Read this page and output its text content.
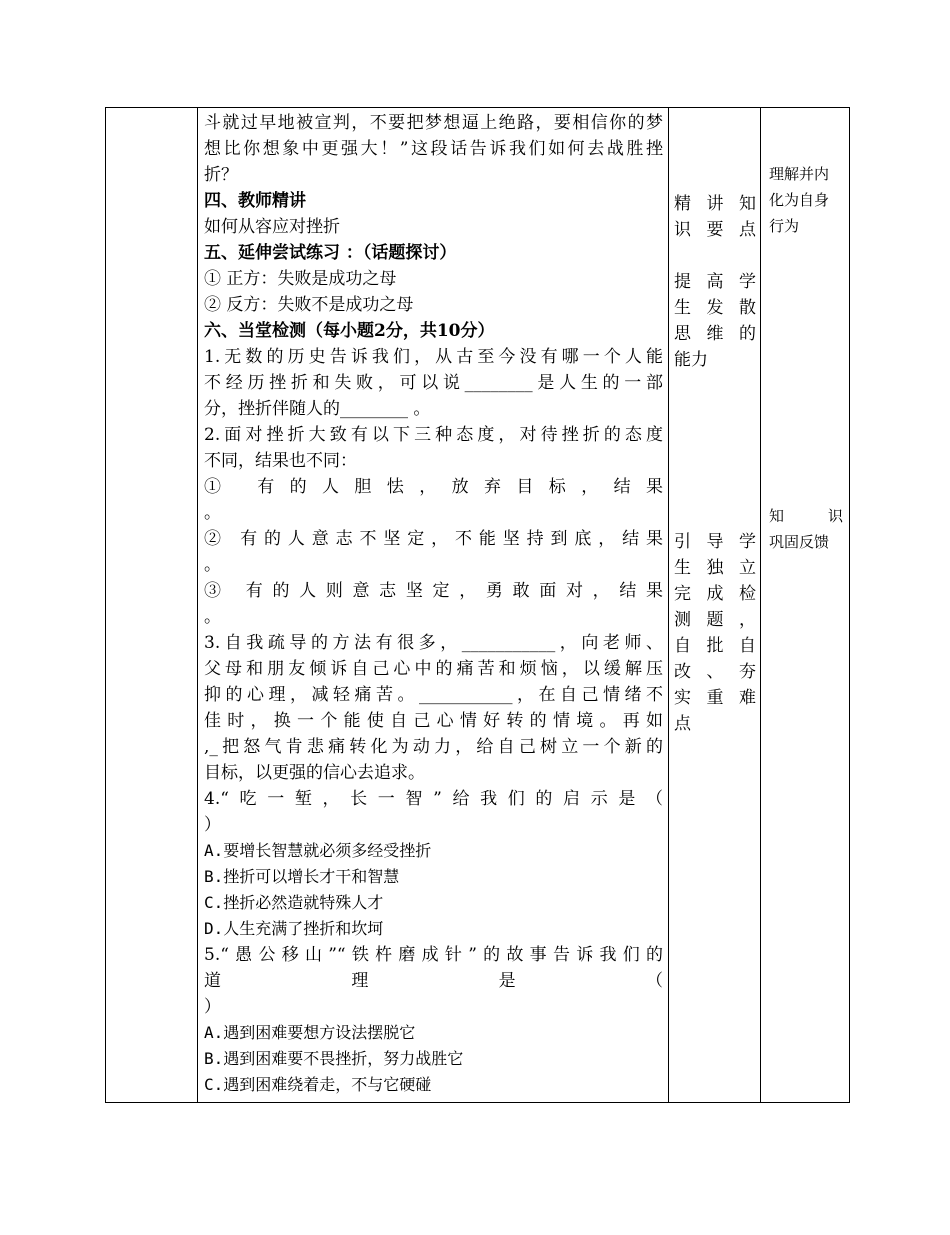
斗就过早地被宣判，不要把梦想逼上绝路，要相信你的梦
想比你想象中更强大！”这段话告诉我们如何去战胜挫
折？
四、教师精讲
如何从容应对挫折
五、延伸尝试练习 ：（话题探讨）
① 正方：失败是成功之母
② 反方：失败不是成功之母
六、当堂检测（每小题2分，共10分）
1.无数的历史告诉我们，从古至今没有哪一个人能
不经历挫折和失败，可以说________是人生的一部
分，挫折伴随人的________ 。
2.面对挫折大致有以下三种态度，对待挫折的态度
不同，结果也不同：
① 有的人胆怯，放弃目标，结果
。
② 有的人意志不坚定，不能坚持到底，结果
。
③ 有的人则意志坚定，勇敢面对，结果
。
3.自我疏导的方法有很多，___________，向老师、
父母和朋友倾诉自己心中的痛苦和烦恼，以缓解压
抑的心理，减轻痛苦。___________，在自己情绪不
佳时，换一个能使自己心情好转的情境。再如
,_把怒气肯悲痛转化为动力，给自己树立一个新的
目标，以更强的信心去追求。
4.“吃一堑，长一智”给我们的启示是（
）
A.要增长智慧就必须多经受挫折
B.挫折可以增长才干和智慧
C.挫折必然造就特殊人才
D.人生充满了挫折和坎坷
5.“愚公移山”“铁杵磨成针”的故事告诉我们的
道理是（
）
A.遇到困难要想方设法摆脱它
B.遇到困难要不畏挫折，努力战胜它
C.遇到困难绕着走，不与它硬碰
精讲知
识要点
提高学
生发散
思维的
能力
引导学
生独立
完成检
测题，
自批自
改、夯
实重难
点
理解并内
化为自身
行为
知识
巩固反馈
